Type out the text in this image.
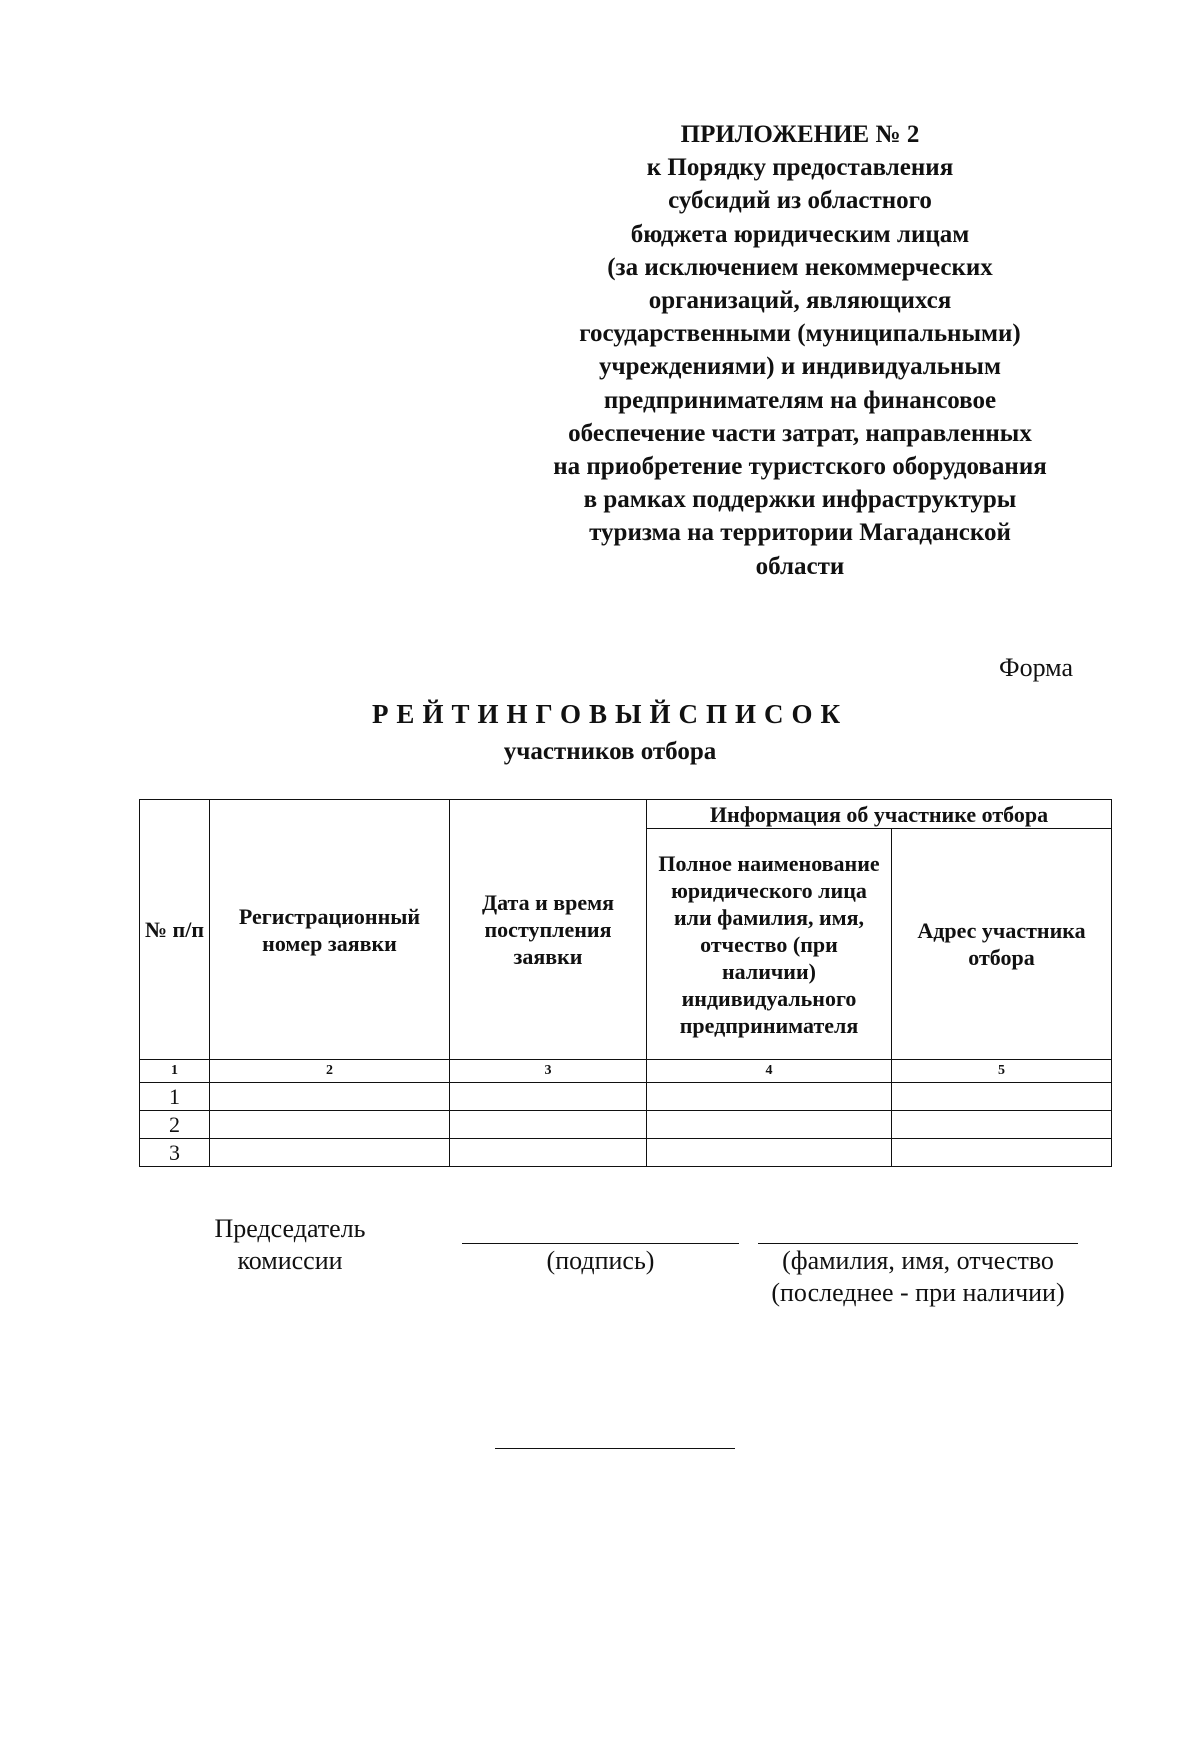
ПРИЛОЖЕНИЕ № 2
к Порядку предоставления
субсидий из областного
бюджета юридическим лицам
(за исключением некоммерческих
организаций, являющихся
государственными (муниципальными)
учреждениями) и индивидуальным
предпринимателям на финансовое
обеспечение части затрат, направленных
на приобретение туристского оборудования
в рамках поддержки инфраструктуры
туризма на территории Магаданской
области
Форма
РЕЙТИНГОВЫЙСПИСОК
участников отбора
№ п/п	Регистрационный номер заявки	Дата и время поступления заявки	Информация об участнике отбора	
			Полное наименование юридического лица или фамилия, имя, отчество (при наличии) индивидуального предпринимателя	Адрес участника отбора
1	2	3	4	5
1				
2				
3				
Председатель комиссии	(подпись)	(фамилия, имя, отчество (последнее - при наличии)
